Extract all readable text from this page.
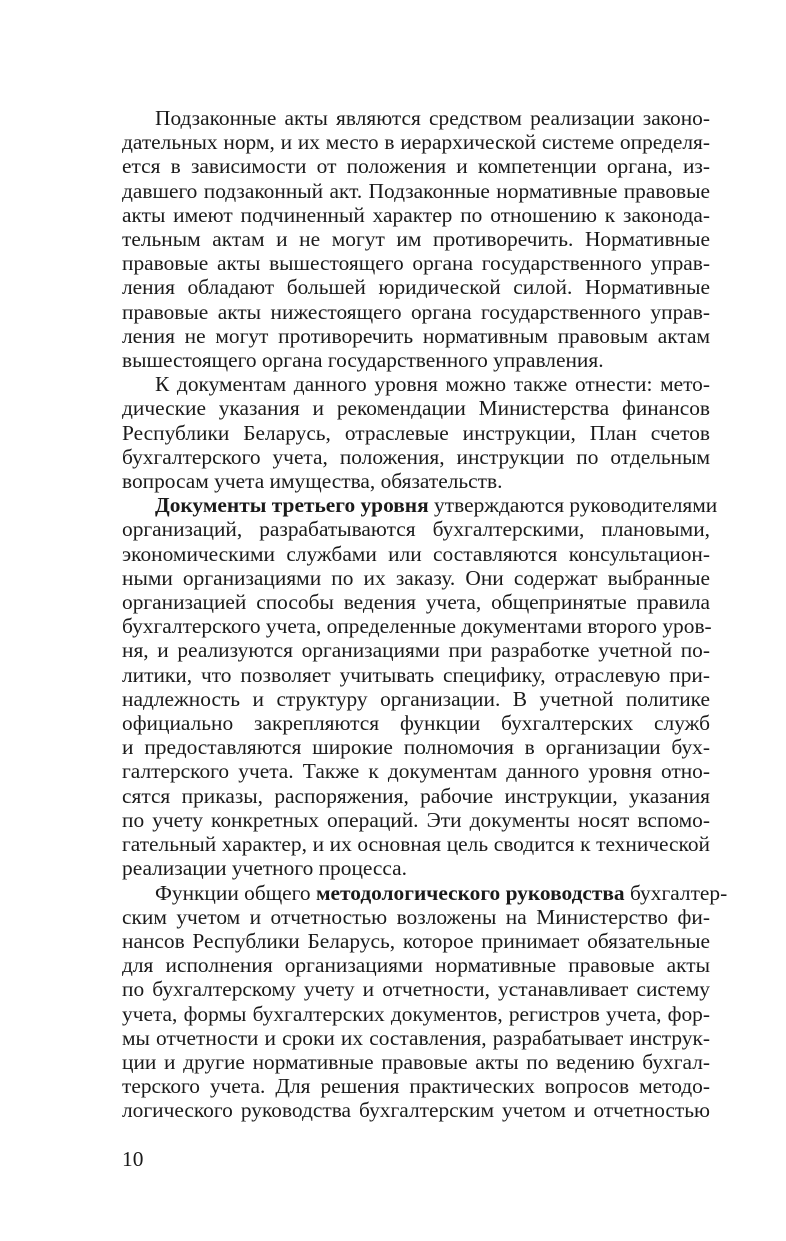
Подзаконные акты являются средством реализации законо-
дательных норм, и их место в иерархической системе определя-
ется в зависимости от положения и компетенции органа, из-
давшего подзаконный акт. Подзаконные нормативные правовые
акты имеют подчиненный характер по отношению к законода-
тельным актам и не могут им противоречить. Нормативные
правовые акты вышестоящего органа государственного управ-
ления обладают большей юридической силой. Нормативные
правовые акты нижестоящего органа государственного управ-
ления не могут противоречить нормативным правовым актам
вышестоящего органа государственного управления.
К документам данного уровня можно также отнести: мето-
дические указания и рекомендации Министерства финансов
Республики Беларусь, отраслевые инструкции, План счетов
бухгалтерского учета, положения, инструкции по отдельным
вопросам учета имущества, обязательств.
Документы третьего уровня утверждаются руководителями
организаций, разрабатываются бухгалтерскими, плановыми,
экономическими службами или составляются консультацион-
ными организациями по их заказу. Они содержат выбранные
организацией способы ведения учета, общепринятые правила
бухгалтерского учета, определенные документами второго уров-
ня, и реализуются организациями при разработке учетной по-
литики, что позволяет учитывать специфику, отраслевую при-
надлежность и структуру организации. В учетной политике
официально закрепляются функции бухгалтерских служб
и предоставляются широкие полномочия в организации бух-
галтерского учета. Также к документам данного уровня отно-
сятся приказы, распоряжения, рабочие инструкции, указания
по учету конкретных операций. Эти документы носят вспомо-
гательный характер, и их основная цель сводится к технической
реализации учетного процесса.
Функции общего методологического руководства бухгалтер-
ским учетом и отчетностью возложены на Министерство фи-
нансов Республики Беларусь, которое принимает обязательные
для исполнения организациями нормативные правовые акты
по бухгалтерскому учету и отчетности, устанавливает систему
учета, формы бухгалтерских документов, регистров учета, фор-
мы отчетности и сроки их составления, разрабатывает инструк-
ции и другие нормативные правовые акты по ведению бухгал-
терского учета. Для решения практических вопросов методо-
логического руководства бухгалтерским учетом и отчетностью
10
